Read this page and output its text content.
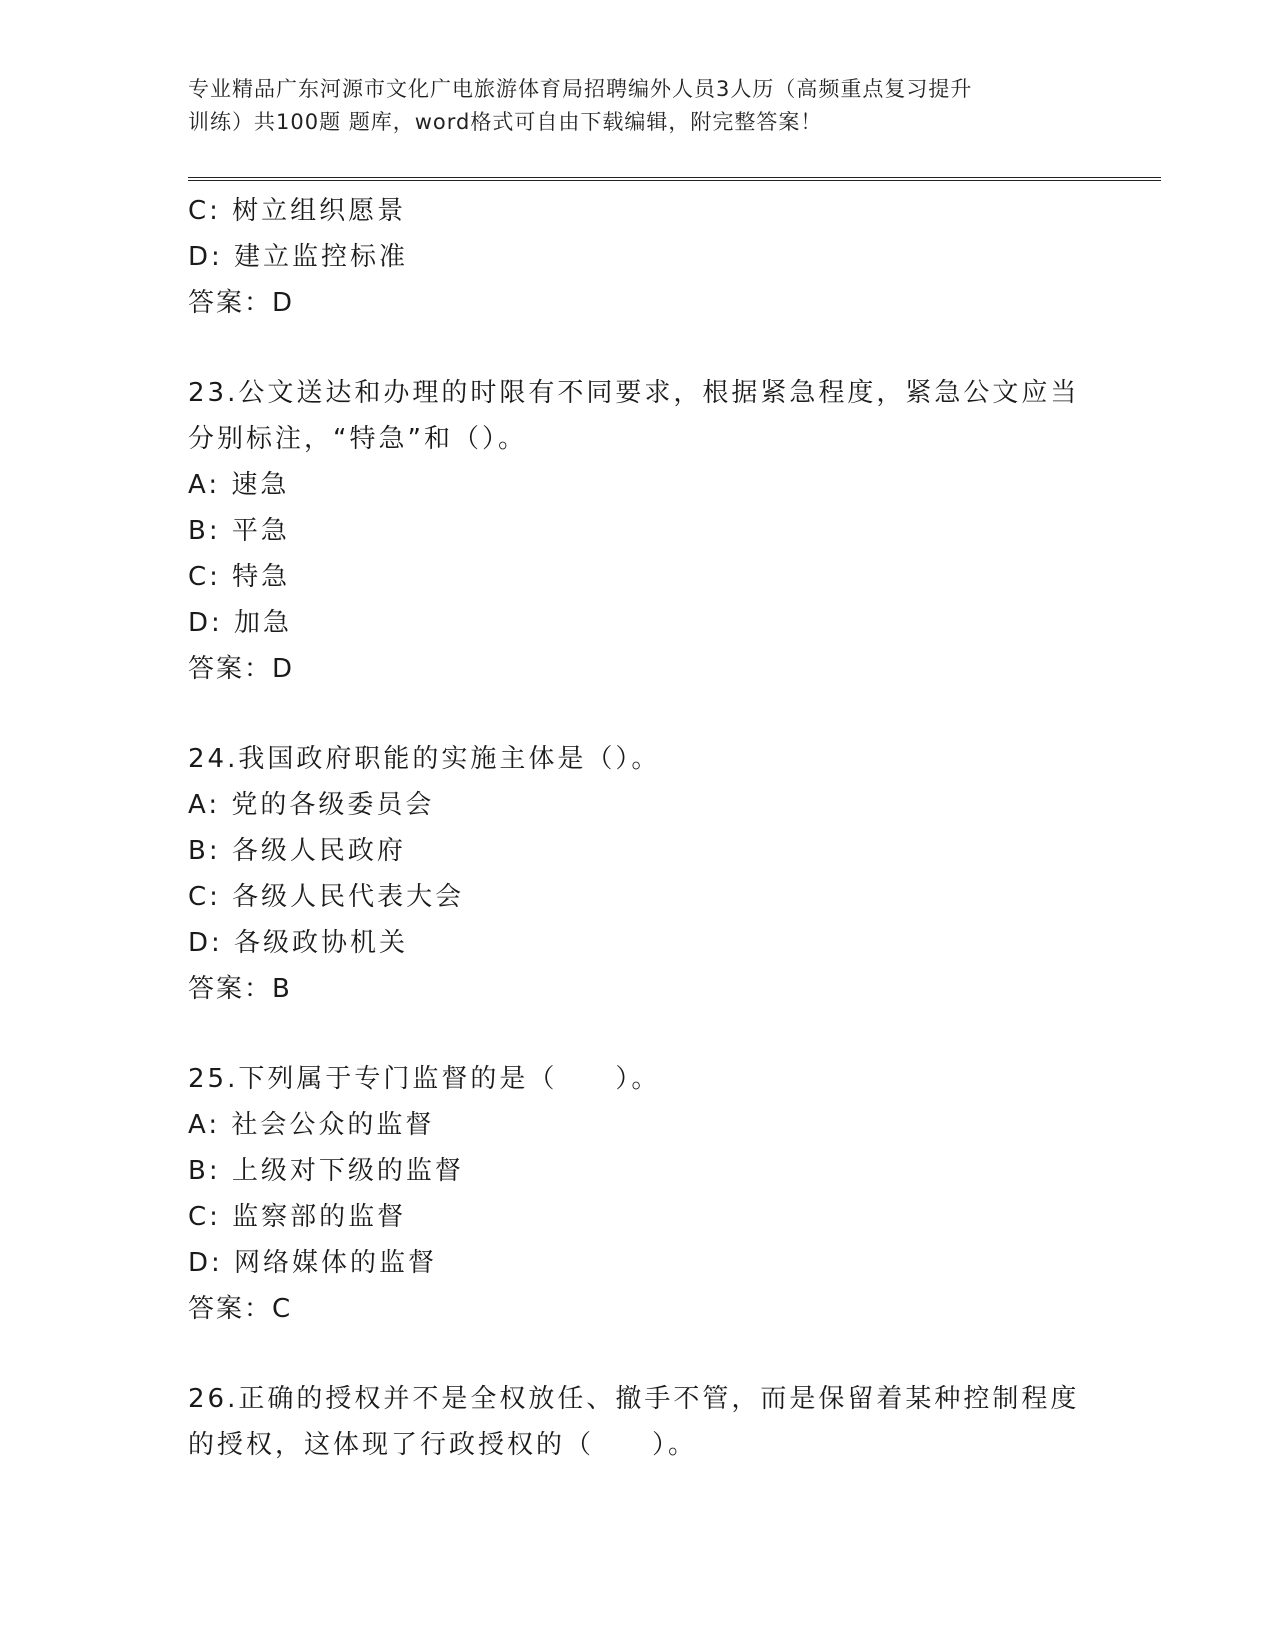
专业精品广东河源市文化广电旅游体育局招聘编外人员3人历（高频重点复习提升
训练）共100题 题库，word格式可自由下载编辑，附完整答案！
C: 树立组织愿景
D: 建立监控标准
答案：D
23.公文送达和办理的时限有不同要求，根据紧急程度，紧急公文应当
分别标注，“特急”和（）。
A: 速急
B: 平急
C: 特急
D: 加急
答案：D
24.我国政府职能的实施主体是（）。
A: 党的各级委员会
B: 各级人民政府
C: 各级人民代表大会
D: 各级政协机关
答案：B
25.下列属于专门监督的是（　　）。
A: 社会公众的监督
B: 上级对下级的监督
C: 监察部的监督
D: 网络媒体的监督
答案：C
26.正确的授权并不是全权放任、撤手不管，而是保留着某种控制程度
的授权，这体现了行政授权的（　　）。
